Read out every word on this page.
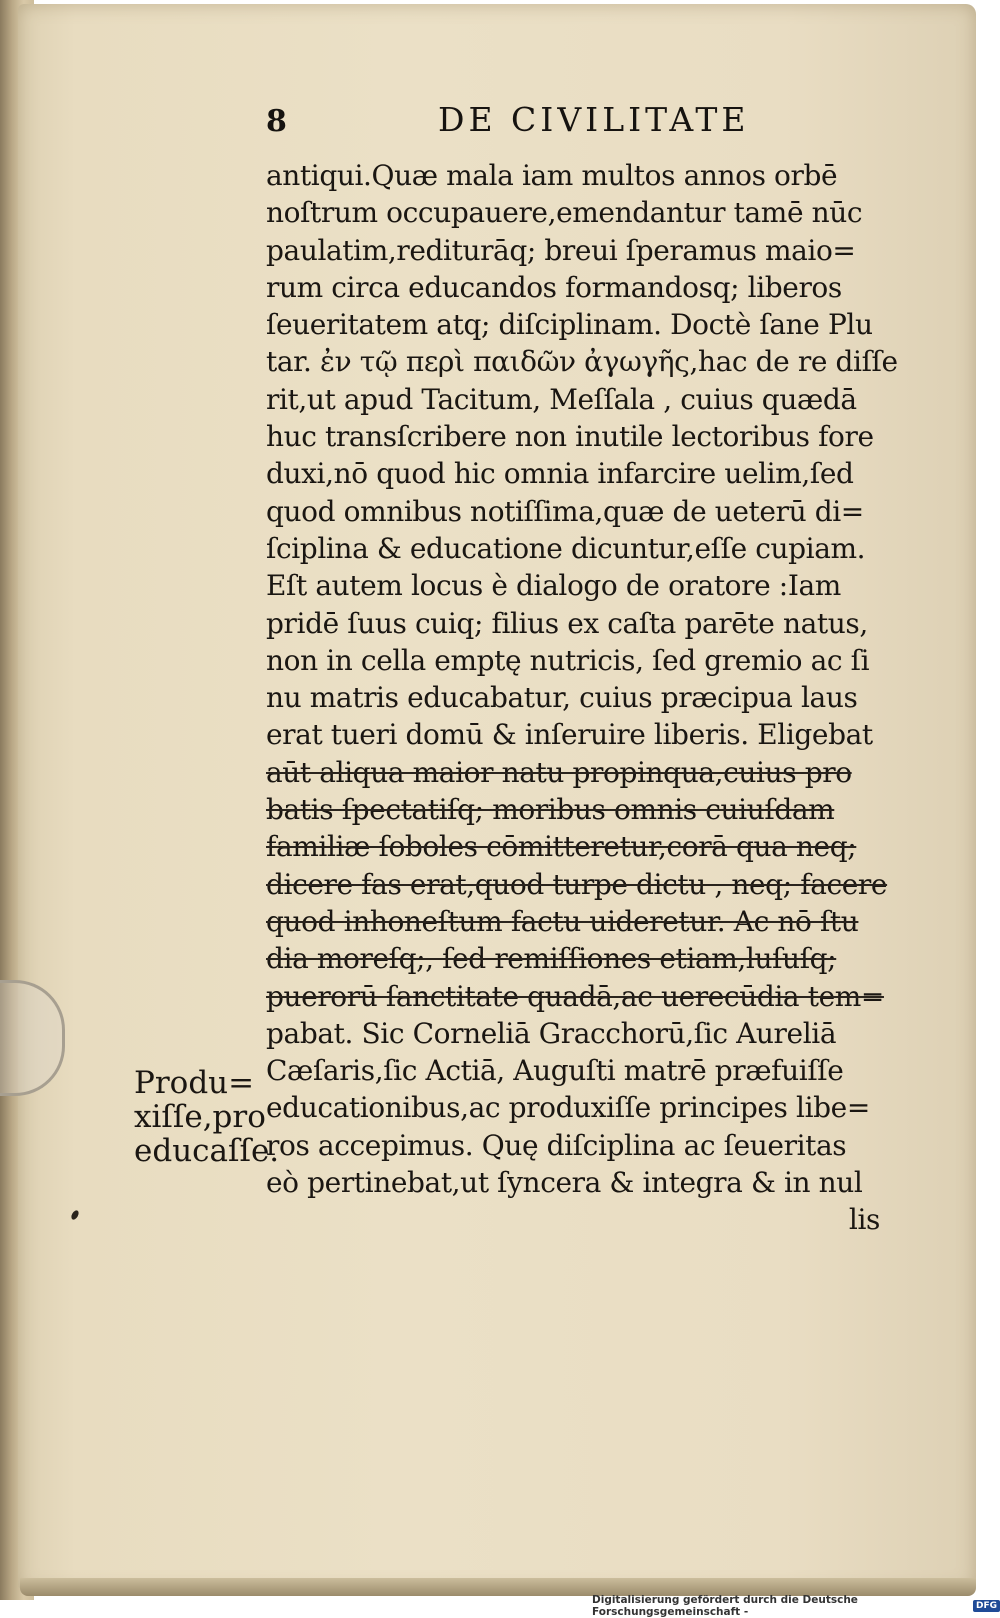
8	DE CIVILITATE
antiqui.Quæ mala iam multos annos orbē
noſtrum occupauere,emendantur tamē nūc
paulatim,rediturāq; breui ſperamus maio=
rum circa educandos formandosq; liberos
ſeueritatem atq; diſciplinam. Doctè ſane Plu
tar. ἐν τῷ περὶ παιδῶν ἀγωγῆς,hac de re diſſe
rit,ut apud Tacitum, Meſſala , cuius quædā
huc transſcribere non inutile lectoribus fore
duxi,nō quod hic omnia infarcire uelim,ſed
quod omnibus notiſſima,quæ de ueterū di=
ſciplina & educatione dicuntur,eſſe cupiam.
Eſt autem locus è dialogo de oratore :Iam
pridē ſuus cuiq; filius ex caſta parēte natus,
non in cella emptę nutricis, ſed gremio ac ſi
nu matris educabatur, cuius præcipua laus
erat tueri domū & inſeruire liberis. Eligebat
aūt aliqua maior natu propinqua,cuius pro
batis ſpectatiſq; moribus omnis cuiuſdam
familiæ ſoboles cōmitteretur,corā qua neq;
dicere fas erat,quod turpe dictu , neq; facere
quod inhoneſtum factu uideretur. Ac nō ſtu
dia moreſq;, ſed remiſſiones etiam,luſuſq;
puerorū ſanctitate quadā,ac uerecūdia tem=
pabat. Sic Corneliā Gracchorū,ſic Aureliā
Cæſaris,ſic Actiā, Auguſti matrē præfuiſſe
educationibus,ac produxiſſe principes libe=
ros accepimus. Quę diſciplina ac ſeueritas
eò pertinebat,ut ſyncera & integra & in nul
lis
Produ=
xiſſe,pro
educaſſe.
Digitalisierung gefördert durch die Deutsche Forschungsgemeinschaft -	DFG
